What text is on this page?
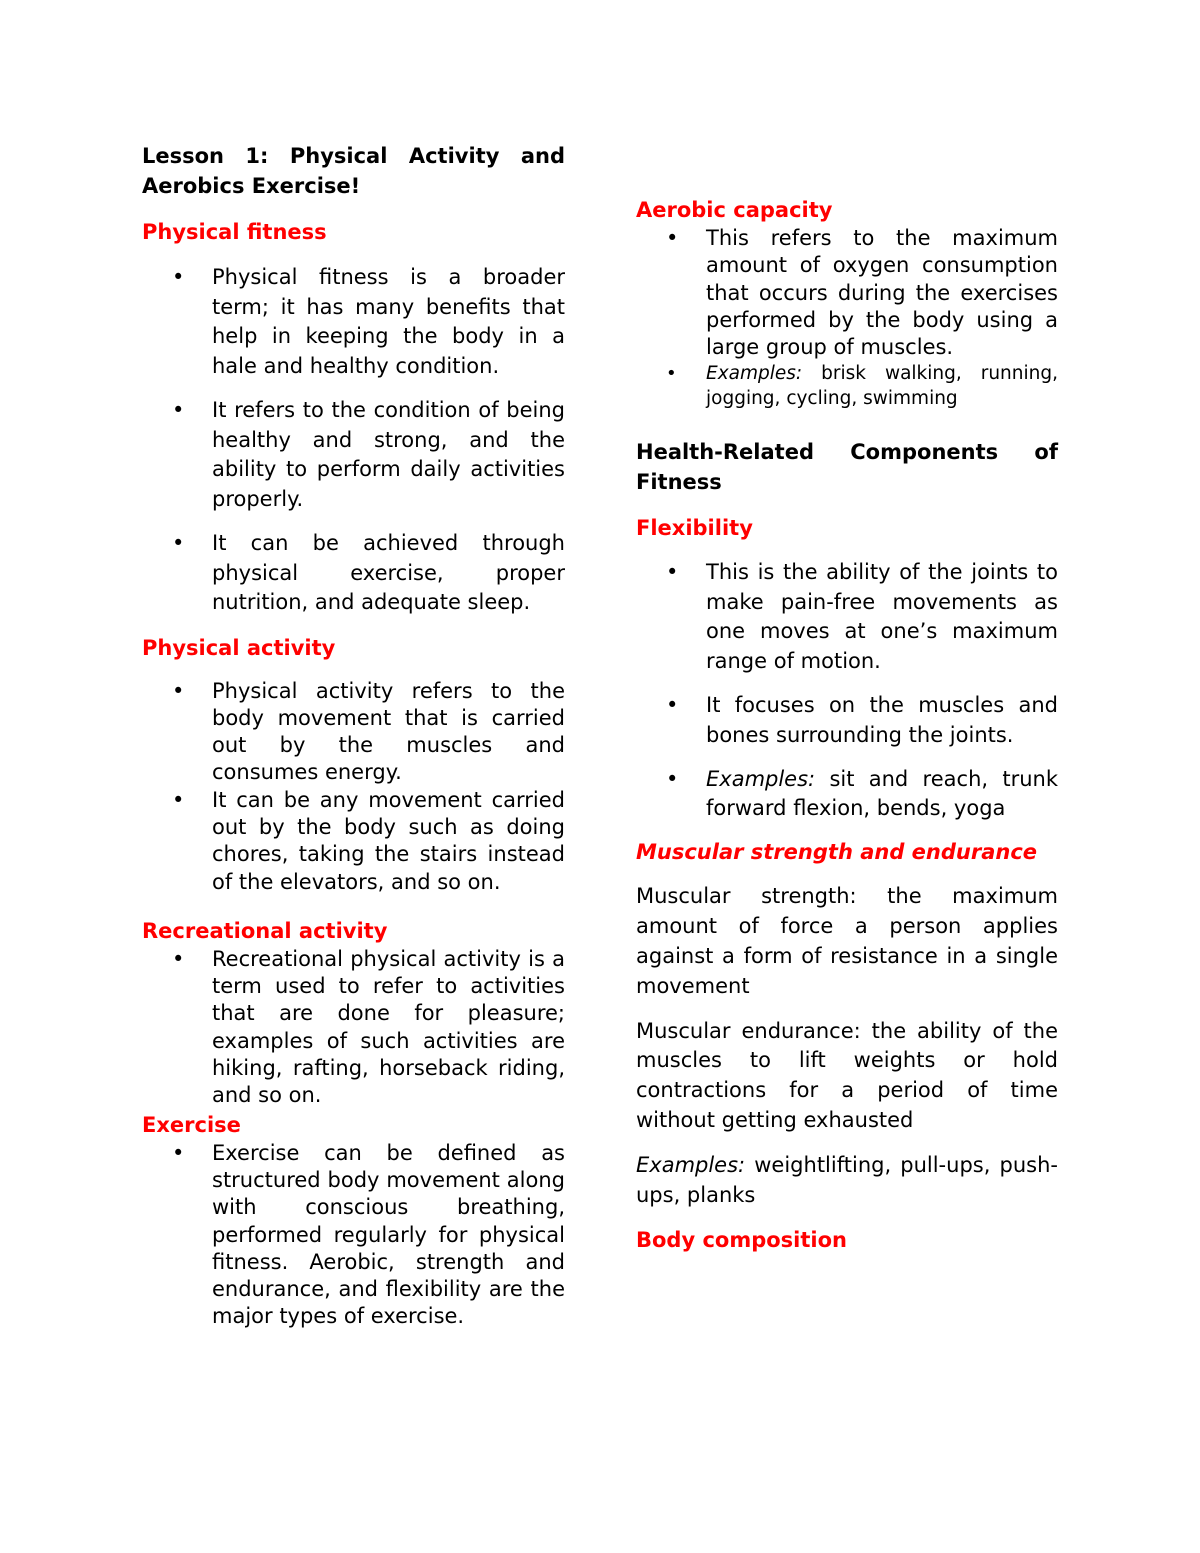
Lesson 1: Physical Activity and Aerobics Exercise!

Physical fitness

• Physical fitness is a broader term; it has many benefits that help in keeping the body in a hale and healthy condition.
• It refers to the condition of being healthy and strong, and the ability to perform daily activities properly.
• It can be achieved through physical exercise, proper nutrition, and adequate sleep.

Physical activity

• Physical activity refers to the body movement that is carried out by the muscles and consumes energy.
• It can be any movement carried out by the body such as doing chores, taking the stairs instead of the elevators, and so on.

Recreational activity

• Recreational physical activity is a term used to refer to activities that are done for pleasure; examples of such activities are hiking, rafting, horseback riding, and so on.

Exercise

• Exercise can be defined as structured body movement along with conscious breathing, performed regularly for physical fitness. Aerobic, strength and endurance, and flexibility are the major types of exercise.

Aerobic capacity

• This refers to the maximum amount of oxygen consumption that occurs during the exercises performed by the body using a large group of muscles.
• Examples: brisk walking, running, jogging, cycling, swimming

Health-Related Components of Fitness

Flexibility

• This is the ability of the joints to make pain-free movements as one moves at one’s maximum range of motion.
• It focuses on the muscles and bones surrounding the joints.
• Examples: sit and reach, trunk forward flexion, bends, yoga

Muscular strength and endurance

Muscular strength: the maximum amount of force a person applies against a form of resistance in a single movement

Muscular endurance: the ability of the muscles to lift weights or hold contractions for a period of time without getting exhausted

Examples: weightlifting, pull-ups, push-ups, planks

Body composition
